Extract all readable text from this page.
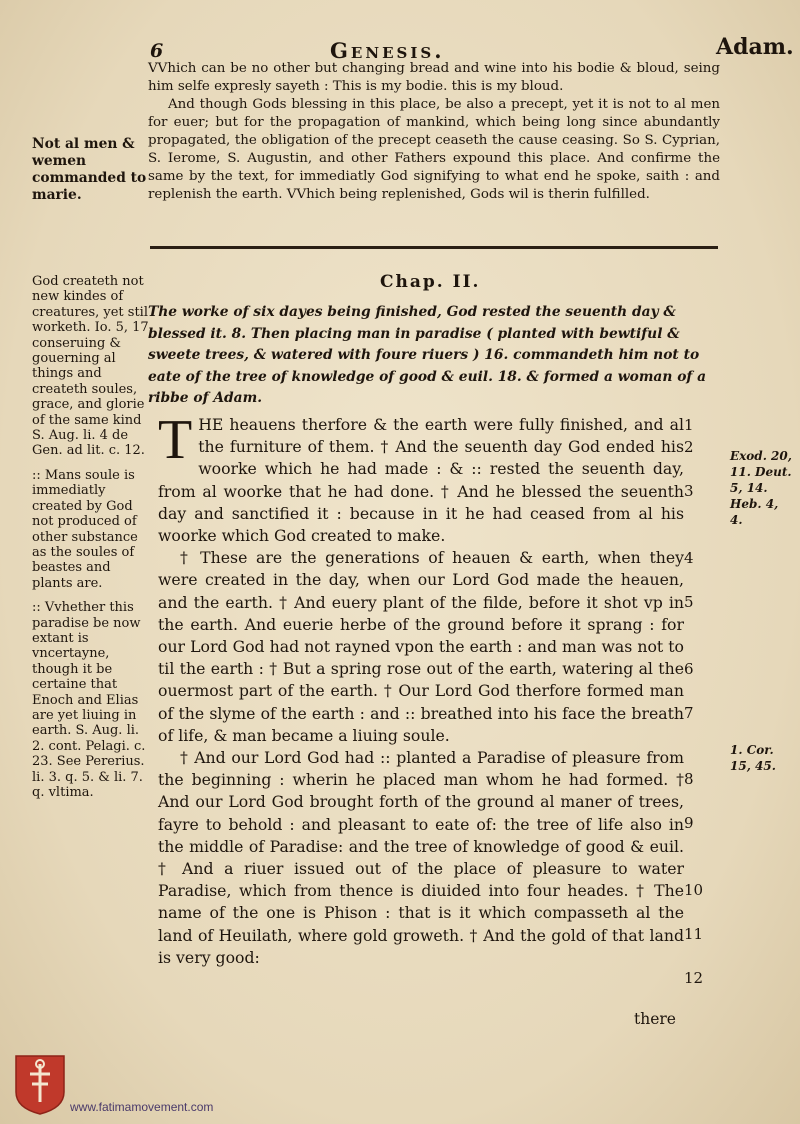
6	Genesis.	Adam.

VVhich can be no other but changing bread and wine into his bodie & bloud, seing him selfe expresly sayeth : This is my bodie. this is my bloud.

And though Gods blessing in this place, be also a precept, yet it is not to al men for euer; but for the propagation of mankind, which being long since abundantly propagated, the obligation of the precept ceaseth the cause ceasing. So S. Cyprian, S. Ierome, S. Augustin, and other Fathers expound this place. And confirme the same by the text, for immediatly God signifying to what end he spoke, saith : and replenish the earth. VVhich being replenished, Gods wil is therin fulfilled.

Not al men & wemen commanded to marie.
Chap. II.
The worke of six dayes being finished, God rested the seuenth day & blessed it. 8. Then placing man in paradise ( planted with bewtiful & sweete trees, & watered with foure riuers ) 16. commandeth him not to eate of the tree of knowledge of good & euil. 18. & formed a woman of a ribbe of Adam.

God createth not new kindes of creatures, yet stil worketh. Io. 5, 17. conseruing & gouerning al things and createth soules, grace, and glorie of the same kind S. Aug. li. 4 de Gen. ad lit. c. 12.

:: Mans soule is immediatly created by God not produced of other substance as the soules of beastes and plants are.

:: Vvhether this paradise be now extant is vncertayne, though it be certaine that Enoch and Elias are yet liuing in earth. S. Aug. li. 2. cont. Pelagi. c. 23. See Pererius. li. 3. q. 5. & li. 7. q. vltima.

THE heauens therfore & the earth were fully finished, and al the furniture of them. † And the seuenth day God ended his woorke which he had made : & :: rested the seuenth day, from al woorke that he had done. † And he blessed the seuenth day and sanctified it : because in it he had ceased from al his woorke which God created to make.

† These are the generations of heauen & earth, when they were created in the day, when our Lord God made the heauen, and the earth. † And euery plant of the filde, before it shot vp in the earth. And euerie herbe of the ground before it sprang : for our Lord God had not rayned vpon the earth : and man was not to til the earth : † But a spring rose out of the earth, watering al the ouermost part of the earth. † Our Lord God therfore formed man of the slyme of the earth : and :: breathed into his face the breath of life, & man became a liuing soule.

† And our Lord God had :: planted a Paradise of pleasure from the beginning : wherin he placed man whom he had formed. † And our Lord God brought forth of the ground al maner of trees, fayre to behold : and pleasant to eate of: the tree of life also in the middle of Paradise: and the tree of knowledge of good & euil. † And a riuer issued out of the place of pleasure to water Paradise, which from thence is diuided into four heades. † The name of the one is Phison : that is it which compasseth al the land of Heuilath, where gold groweth. † And the gold of that land is very good:

1
2
3
4
5
6
7
8
9
10
11
12
Exod. 20, 11. Deut. 5, 14. Heb. 4, 4.
1. Cor. 15, 45.
there
www.fatimamovement.com
